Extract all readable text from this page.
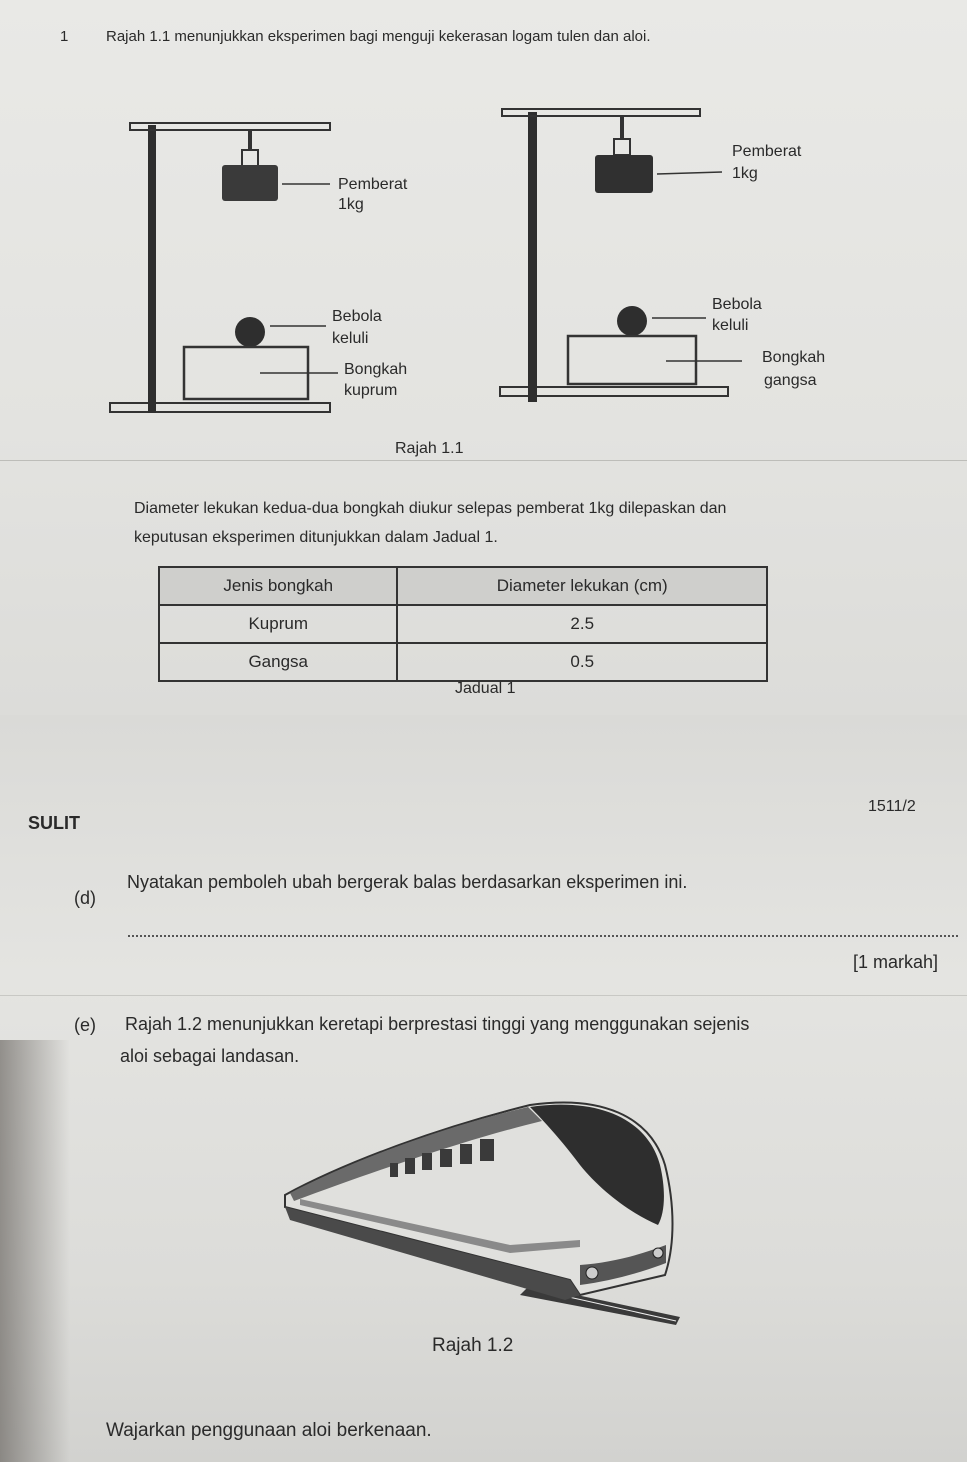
1	Rajah 1.1 menunjukkan eksperimen bagi menguji kekerasan logam tulen dan aloi.
Pemberat
1kg
Bebola
keluli
Bongkah
kuprum
Pemberat
1kg
Bebola
keluli
Bongkah
gangsa
Rajah 1.1
Diameter lekukan kedua-dua bongkah diukur selepas pemberat 1kg dilepaskan dan
keputusan eksperimen ditunjukkan dalam Jadual 1.
Jenis bongkah	Diameter lekukan (cm)
Kuprum	2.5
Gangsa	0.5
Jadual 1
SULIT
1511/2
(d)
Nyatakan pemboleh ubah bergerak balas berdasarkan eksperimen ini.
[1 markah]
(e) Rajah 1.2 menunjukkan keretapi berprestasi tinggi yang menggunakan sejenis
aloi sebagai landasan.
Rajah 1.2
Wajarkan penggunaan aloi berkenaan.
